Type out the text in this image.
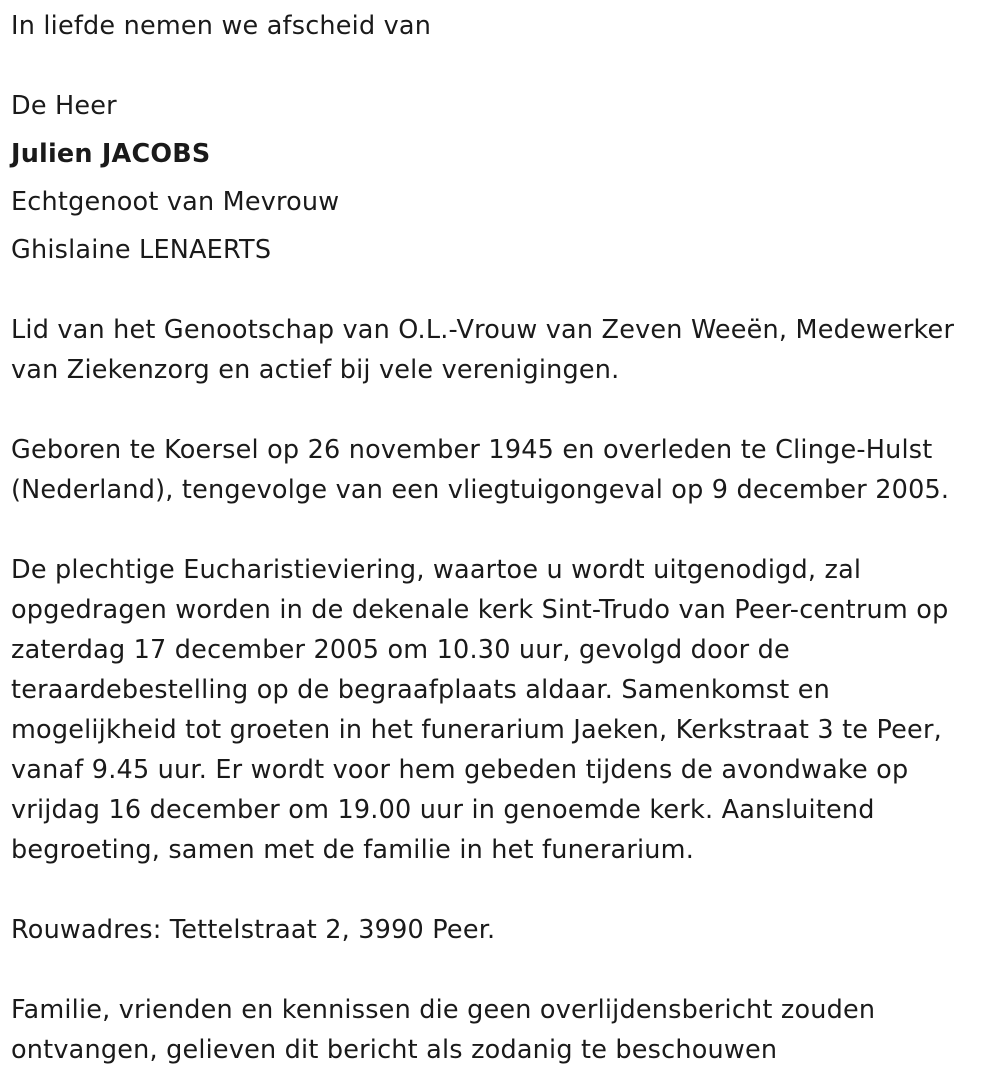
In liefde nemen we afscheid van

De Heer

Julien JACOBS

Echtgenoot van Mevrouw

Ghislaine LENAERTS

Lid van het Genootschap van O.L.-Vrouw van Zeven Weeën, Medewerker

van Ziekenzorg en actief bij vele verenigingen.

Geboren te Koersel op 26 november 1945 en overleden te Clinge-Hulst

(Nederland), tengevolge van een vliegtuigongeval op 9 december 2005.

De plechtige Eucharistieviering, waartoe u wordt uitgenodigd, zal

opgedragen worden in de dekenale kerk Sint-Trudo van Peer-centrum op

zaterdag 17 december 2005 om 10.30 uur, gevolgd door de

teraardebestelling op de begraafplaats aldaar. Samenkomst en

mogelijkheid tot groeten in het funerarium Jaeken, Kerkstraat 3 te Peer,

vanaf 9.45 uur. Er wordt voor hem gebeden tijdens de avondwake op

vrijdag 16 december om 19.00 uur in genoemde kerk. Aansluitend

begroeting, samen met de familie in het funerarium.

Rouwadres: Tettelstraat 2, 3990 Peer.

Familie, vrienden en kennissen die geen overlijdensbericht zouden

ontvangen, gelieven dit bericht als zodanig te beschouwen
